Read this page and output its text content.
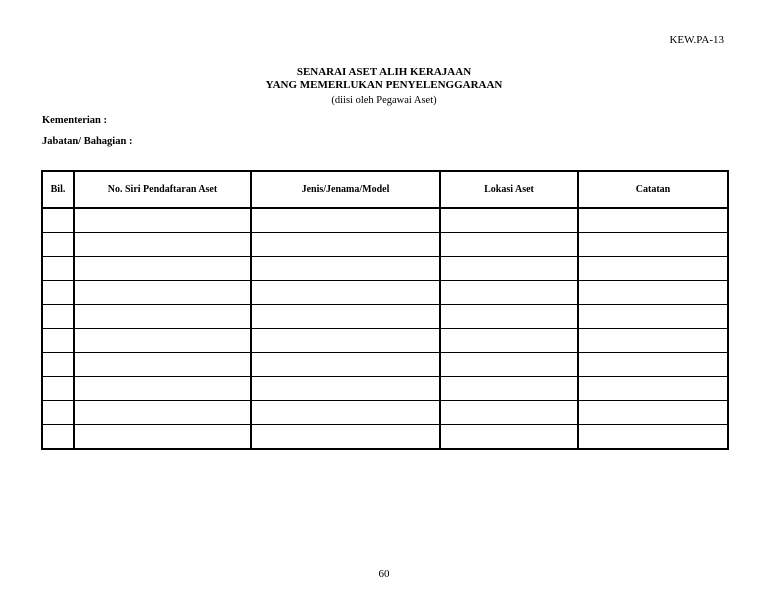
KEW.PA-13
SENARAI ASET ALIH KERAJAAN
YANG MEMERLUKAN PENYELENGGARAAN
(diisi oleh Pegawai Aset)
Kementerian :
Jabatan/ Bahagian :
Bil.	No. Siri Pendaftaran Aset	Jenis/Jenama/Model	Lokasi Aset	Catatan

60
